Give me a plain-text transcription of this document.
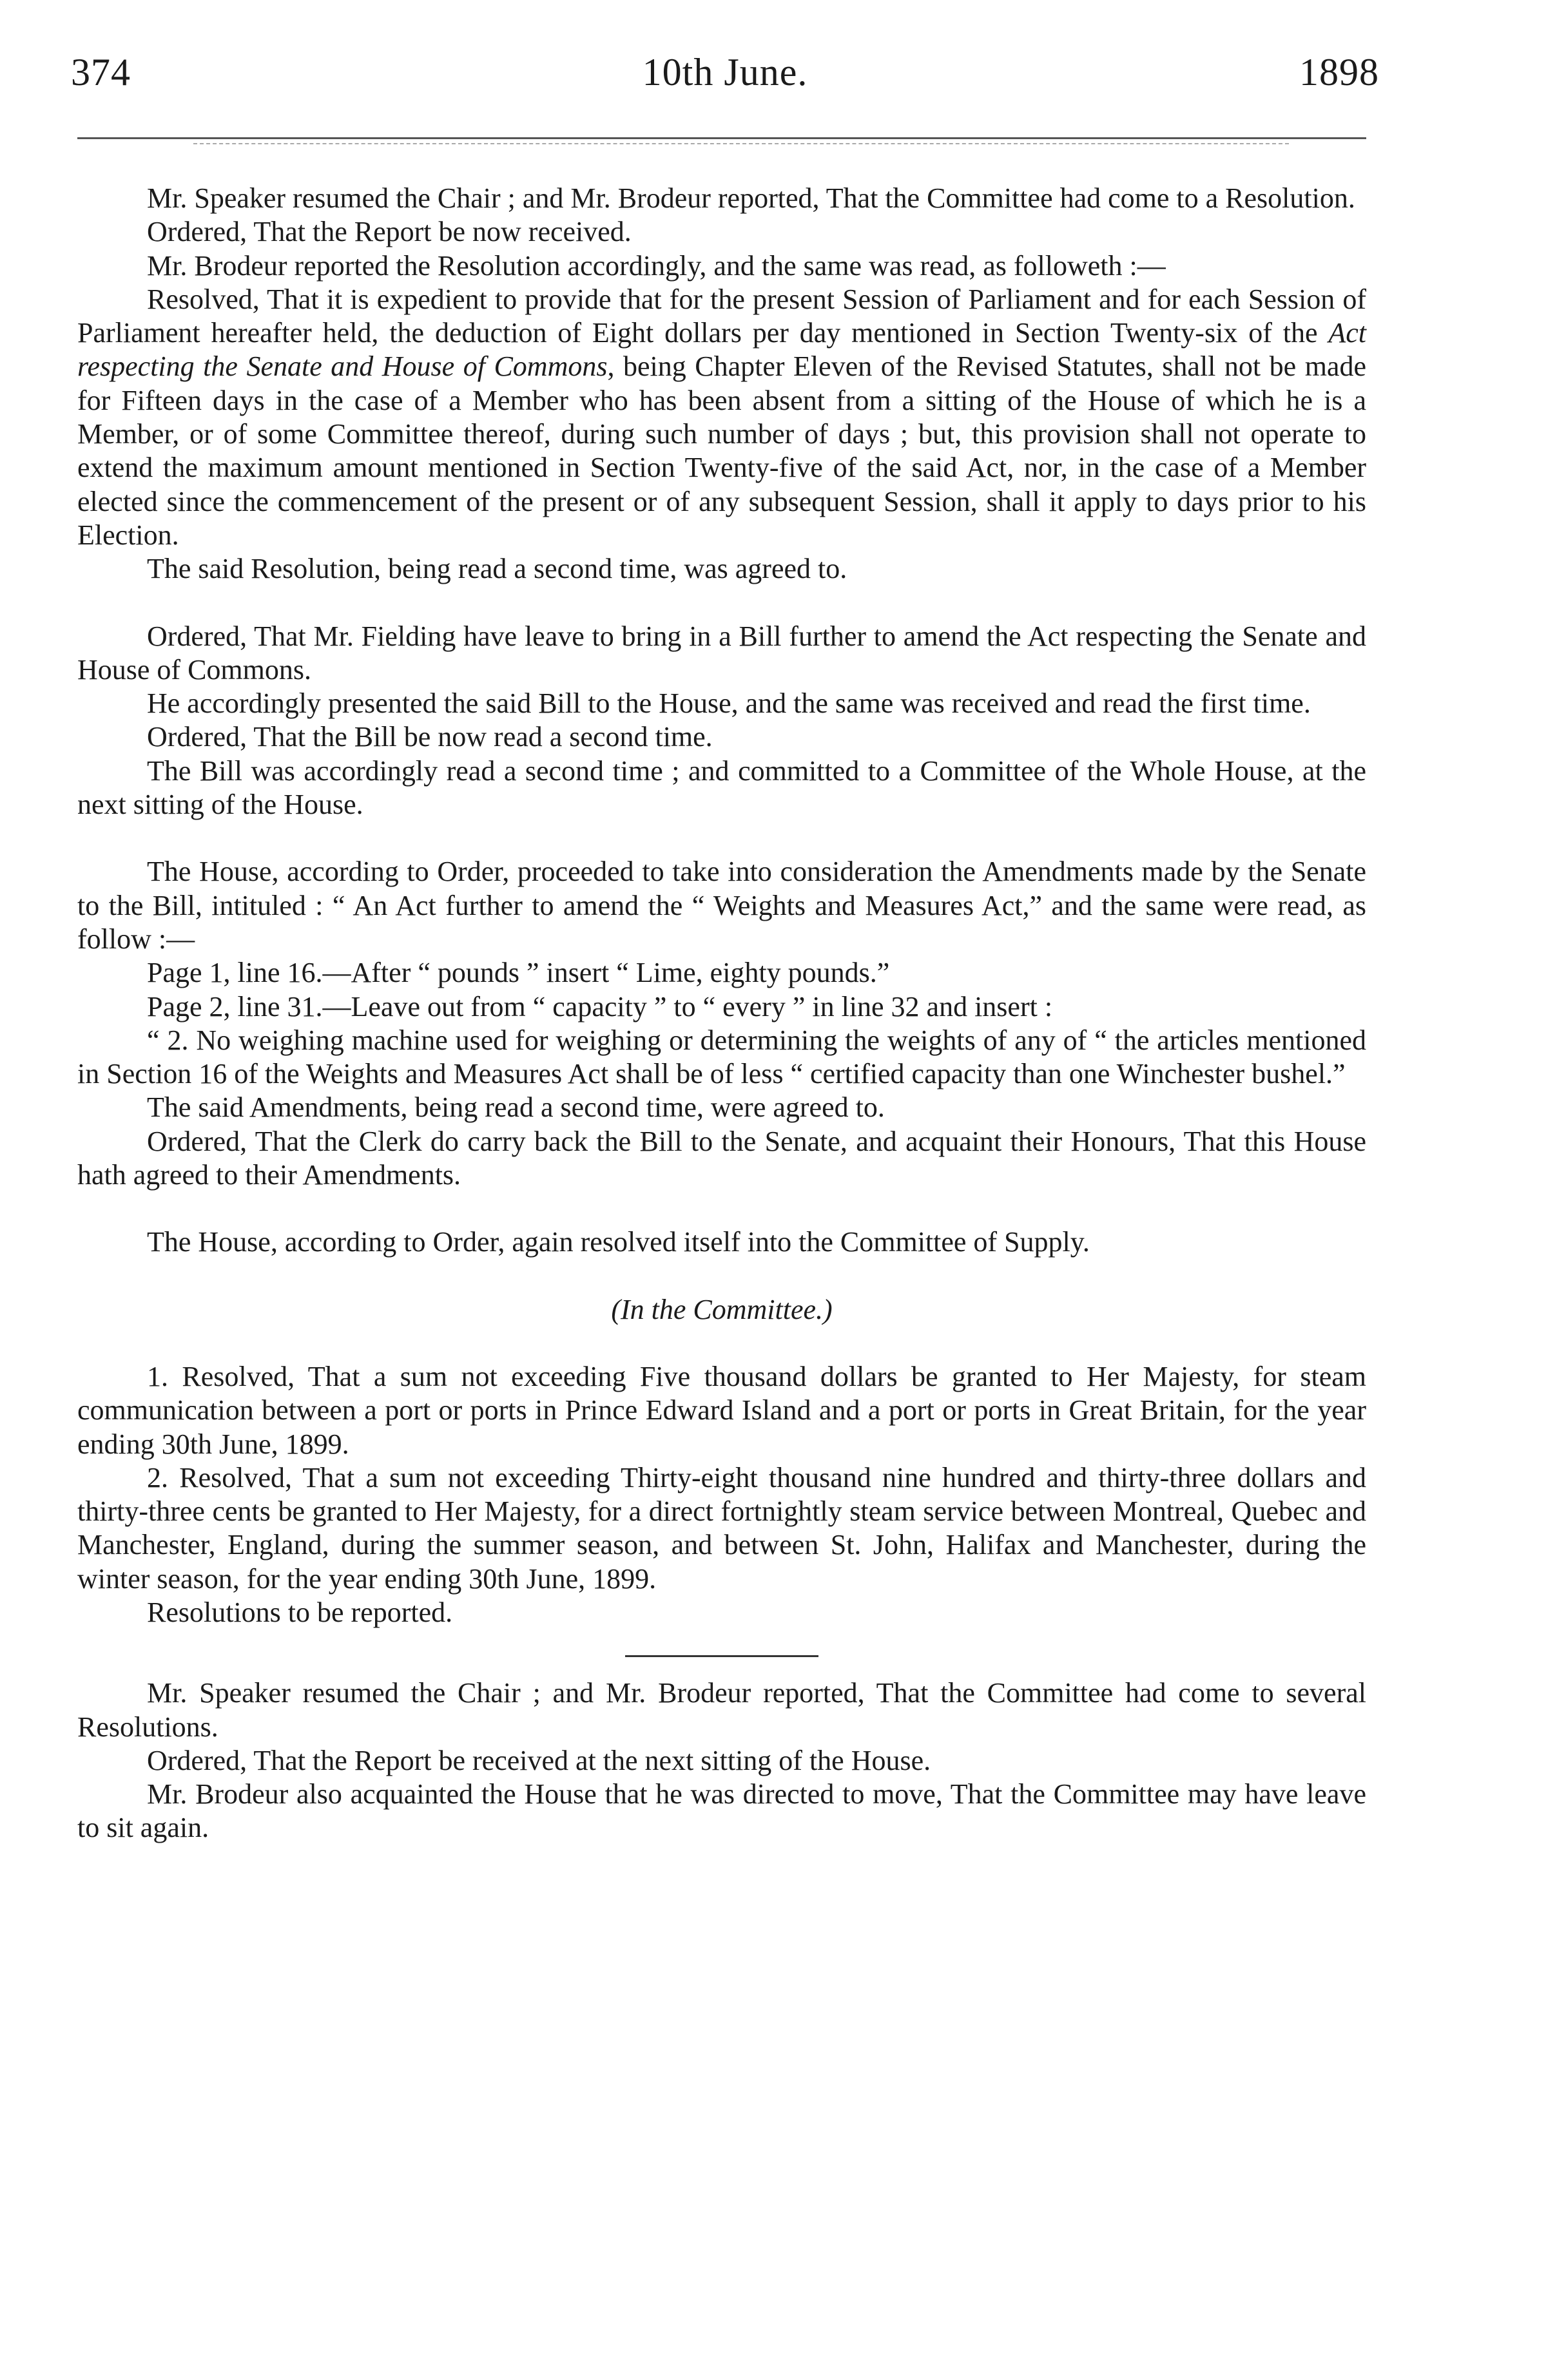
374	10th June.	1898

Mr. Speaker resumed the Chair ; and Mr. Brodeur reported, That the Committee had come to a Resolution.

Ordered, That the Report be now received.

Mr. Brodeur reported the Resolution accordingly, and the same was read, as followeth :—

Resolved, That it is expedient to provide that for the present Session of Parliament and for each Session of Parliament hereafter held, the deduction of Eight dollars per day mentioned in Section Twenty-six of the Act respecting the Senate and House of Commons, being Chapter Eleven of the Revised Statutes, shall not be made for Fifteen days in the case of a Member who has been absent from a sitting of the House of which he is a Member, or of some Committee thereof, during such number of days ; but, this provision shall not operate to extend the maximum amount mentioned in Section Twenty-five of the said Act, nor, in the case of a Member elected since the commencement of the present or of any subsequent Session, shall it apply to days prior to his Election.

The said Resolution, being read a second time, was agreed to.

Ordered, That Mr. Fielding have leave to bring in a Bill further to amend the Act respecting the Senate and House of Commons.

He accordingly presented the said Bill to the House, and the same was received and read the first time.

Ordered, That the Bill be now read a second time.

The Bill was accordingly read a second time ; and committed to a Committee of the Whole House, at the next sitting of the House.

The House, according to Order, proceeded to take into consideration the Amendments made by the Senate to the Bill, intituled : “ An Act further to amend the “ Weights and Measures Act,” and the same were read, as follow :—

Page 1, line 16.—After “ pounds ” insert “ Lime, eighty pounds.”

Page 2, line 31.—Leave out from “ capacity ” to “ every ” in line 32 and insert :

“ 2. No weighing machine used for weighing or determining the weights of any of “ the articles mentioned in Section 16 of the Weights and Measures Act shall be of less “ certified capacity than one Winchester bushel.”

The said Amendments, being read a second time, were agreed to.

Ordered, That the Clerk do carry back the Bill to the Senate, and acquaint their Honours, That this House hath agreed to their Amendments.

The House, according to Order, again resolved itself into the Committee of Supply.

(In the Committee.)

1. Resolved, That a sum not exceeding Five thousand dollars be granted to Her Majesty, for steam communication between a port or ports in Prince Edward Island and a port or ports in Great Britain, for the year ending 30th June, 1899.

2. Resolved, That a sum not exceeding Thirty-eight thousand nine hundred and thirty-three dollars and thirty-three cents be granted to Her Majesty, for a direct fortnightly steam service between Montreal, Quebec and Manchester, England, during the summer season, and between St. John, Halifax and Manchester, during the winter season, for the year ending 30th June, 1899.

Resolutions to be reported.

Mr. Speaker resumed the Chair ; and Mr. Brodeur reported, That the Committee had come to several Resolutions.

Ordered, That the Report be received at the next sitting of the House.

Mr. Brodeur also acquainted the House that he was directed to move, That the Committee may have leave to sit again.
